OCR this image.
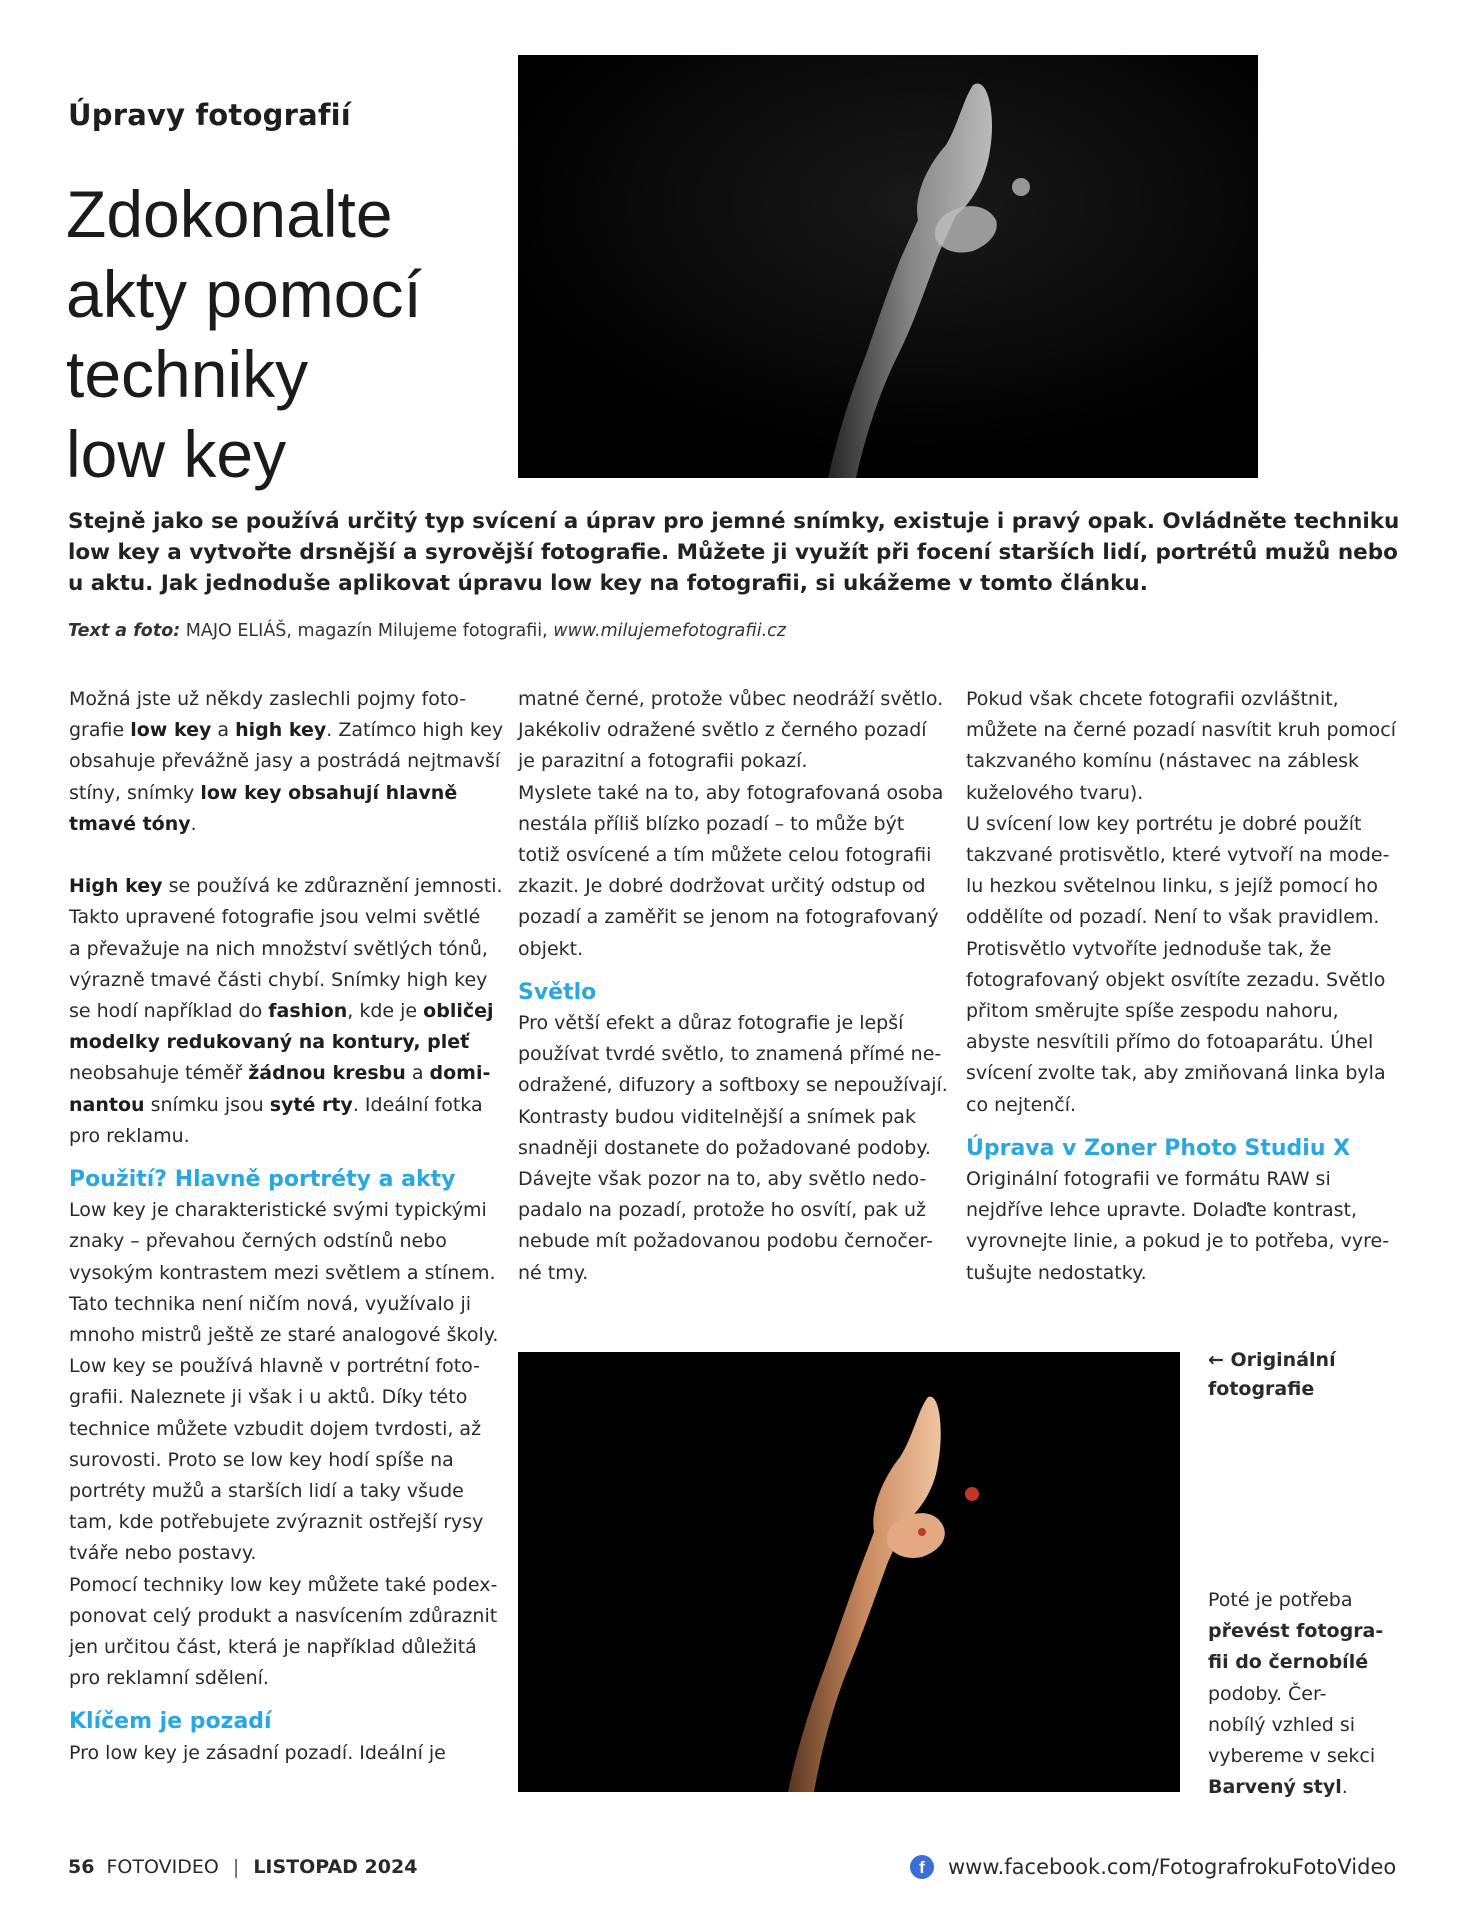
Úpravy fotografií
Zdokonalte
akty pomocí
techniky
low key
Stejně jako se používá určitý typ svícení a úprav pro jemné snímky, existuje i pravý opak. Ovládněte techniku
low key a vytvořte drsnější a syrovější fotografie. Můžete ji využít při focení starších lidí, portrétů mužů nebo
u aktu. Jak jednoduše aplikovat úpravu low key na fotografii, si ukážeme v tomto článku.
Text a foto: MAJO ELIÁŠ, magazín Milujeme fotografii, www.milujemefotografii.cz
Možná jste už někdy zaslechli pojmy foto-
grafie low key a high key. Zatímco high key
obsahuje převážně jasy a postrádá nejtmavší
stíny, snímky low key obsahují hlavně
tmavé tóny.
High key se používá ke zdůraznění jemnosti.
Takto upravené fotografie jsou velmi světlé
a převažuje na nich množství světlých tónů,
výrazně tmavé části chybí. Snímky high key
se hodí například do fashion, kde je obličej
modelky redukovaný na kontury, pleť
neobsahuje téměř žádnou kresbu a domi-
nantou snímku jsou syté rty. Ideální fotka
pro reklamu.
Použití? Hlavně portréty a akty
Low key je charakteristické svými typickými
znaky – převahou černých odstínů nebo
vysokým kontrastem mezi světlem a stínem.
Tato technika není ničím nová, využívalo ji
mnoho mistrů ještě ze staré analogové školy.
Low key se používá hlavně v portrétní foto-
grafii. Naleznete ji však i u aktů. Díky této
technice můžete vzbudit dojem tvrdosti, až
surovosti. Proto se low key hodí spíše na
portréty mužů a starších lidí a taky všude
tam, kde potřebujete zvýraznit ostřejší rysy
tváře nebo postavy.
Pomocí techniky low key můžete také podex-
ponovat celý produkt a nasvícením zdůraznit
jen určitou část, která je například důležitá
pro reklamní sdělení.
Klíčem je pozadí
Pro low key je zásadní pozadí. Ideální je
matné černé, protože vůbec neodráží světlo.
Jakékoliv odražené světlo z černého pozadí
je parazitní a fotografii pokazí.
Myslete také na to, aby fotografovaná osoba
nestála příliš blízko pozadí – to může být
totiž osvícené a tím můžete celou fotografii
zkazit. Je dobré dodržovat určitý odstup od
pozadí a zaměřit se jenom na fotografovaný
objekt.
Světlo
Pro větší efekt a důraz fotografie je lepší
používat tvrdé světlo, to znamená přímé ne-
odražené, difuzory a softboxy se nepoužívají.
Kontrasty budou viditelnější a snímek pak
snadněji dostanete do požadované podoby.
Dávejte však pozor na to, aby světlo nedo-
padalo na pozadí, protože ho osvítí, pak už
nebude mít požadovanou podobu černočer-
né tmy.
Pokud však chcete fotografii ozvláštnit,
můžete na černé pozadí nasvítit kruh pomocí
takzvaného komínu (nástavec na záblesk
kuželového tvaru).
U svícení low key portrétu je dobré použít
takzvané protisvětlo, které vytvoří na mode-
lu hezkou světelnou linku, s jejíž pomocí ho
oddělíte od pozadí. Není to však pravidlem.
Protisvětlo vytvoříte jednoduše tak, že
fotografovaný objekt osvítíte zezadu. Světlo
přitom směrujte spíše zespodu nahoru,
abyste nesvítili přímo do fotoaparátu. Úhel
svícení zvolte tak, aby zmiňovaná linka byla
co nejtenčí.
Úprava v Zoner Photo Studiu X
Originální fotografii ve formátu RAW si
nejdříve lehce upravte. Dolaďte kontrast,
vyrovnejte linie, a pokud je to potřeba, vyre-
tušujte nedostatky.
← Originální
fotografie
Poté je potřeba
převést fotogra-
fii do černobílé
podoby. Čer-
nobílý vzhled si
vybereme v sekci
Barvený styl.
56 FOTOVIDEO | LISTOPAD 2024	f	www.facebook.com/FotografrokuFotoVideo
